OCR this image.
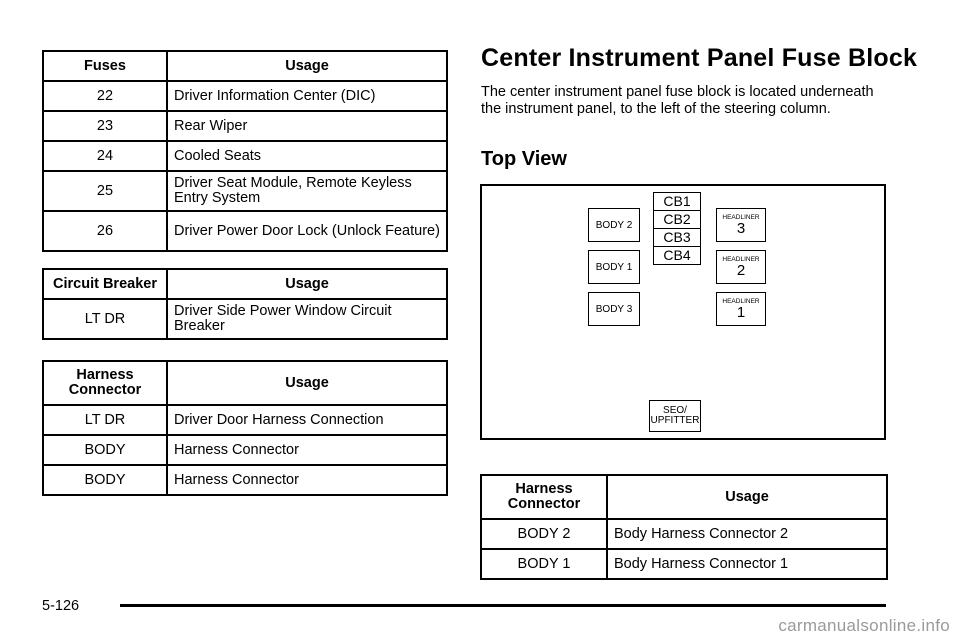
Fuses	Usage
22	Driver Information Center (DIC)
23	Rear Wiper
24	Cooled Seats
25	Driver Seat Module, Remote Keyless Entry System
26	Driver Power Door Lock (Unlock Feature)
Circuit Breaker	Usage
LT DR	Driver Side Power Window Circuit Breaker
Harness Connector	Usage
LT DR	Driver Door Harness Connection
BODY	Harness Connector
BODY	Harness Connector
Center Instrument Panel Fuse Block

The center instrument panel fuse block is located underneath the instrument panel, to the left of the steering column.

Top View
BODY 2
BODY 1
BODY 3
CB1
CB2
CB3
CB4
HEADLINER
3
HEADLINER
2
HEADLINER
1
SEO/
UPFITTER
Harness Connector	Usage
BODY 2	Body Harness Connector 2
BODY 1	Body Harness Connector 1
5-126
carmanualsonline.info
